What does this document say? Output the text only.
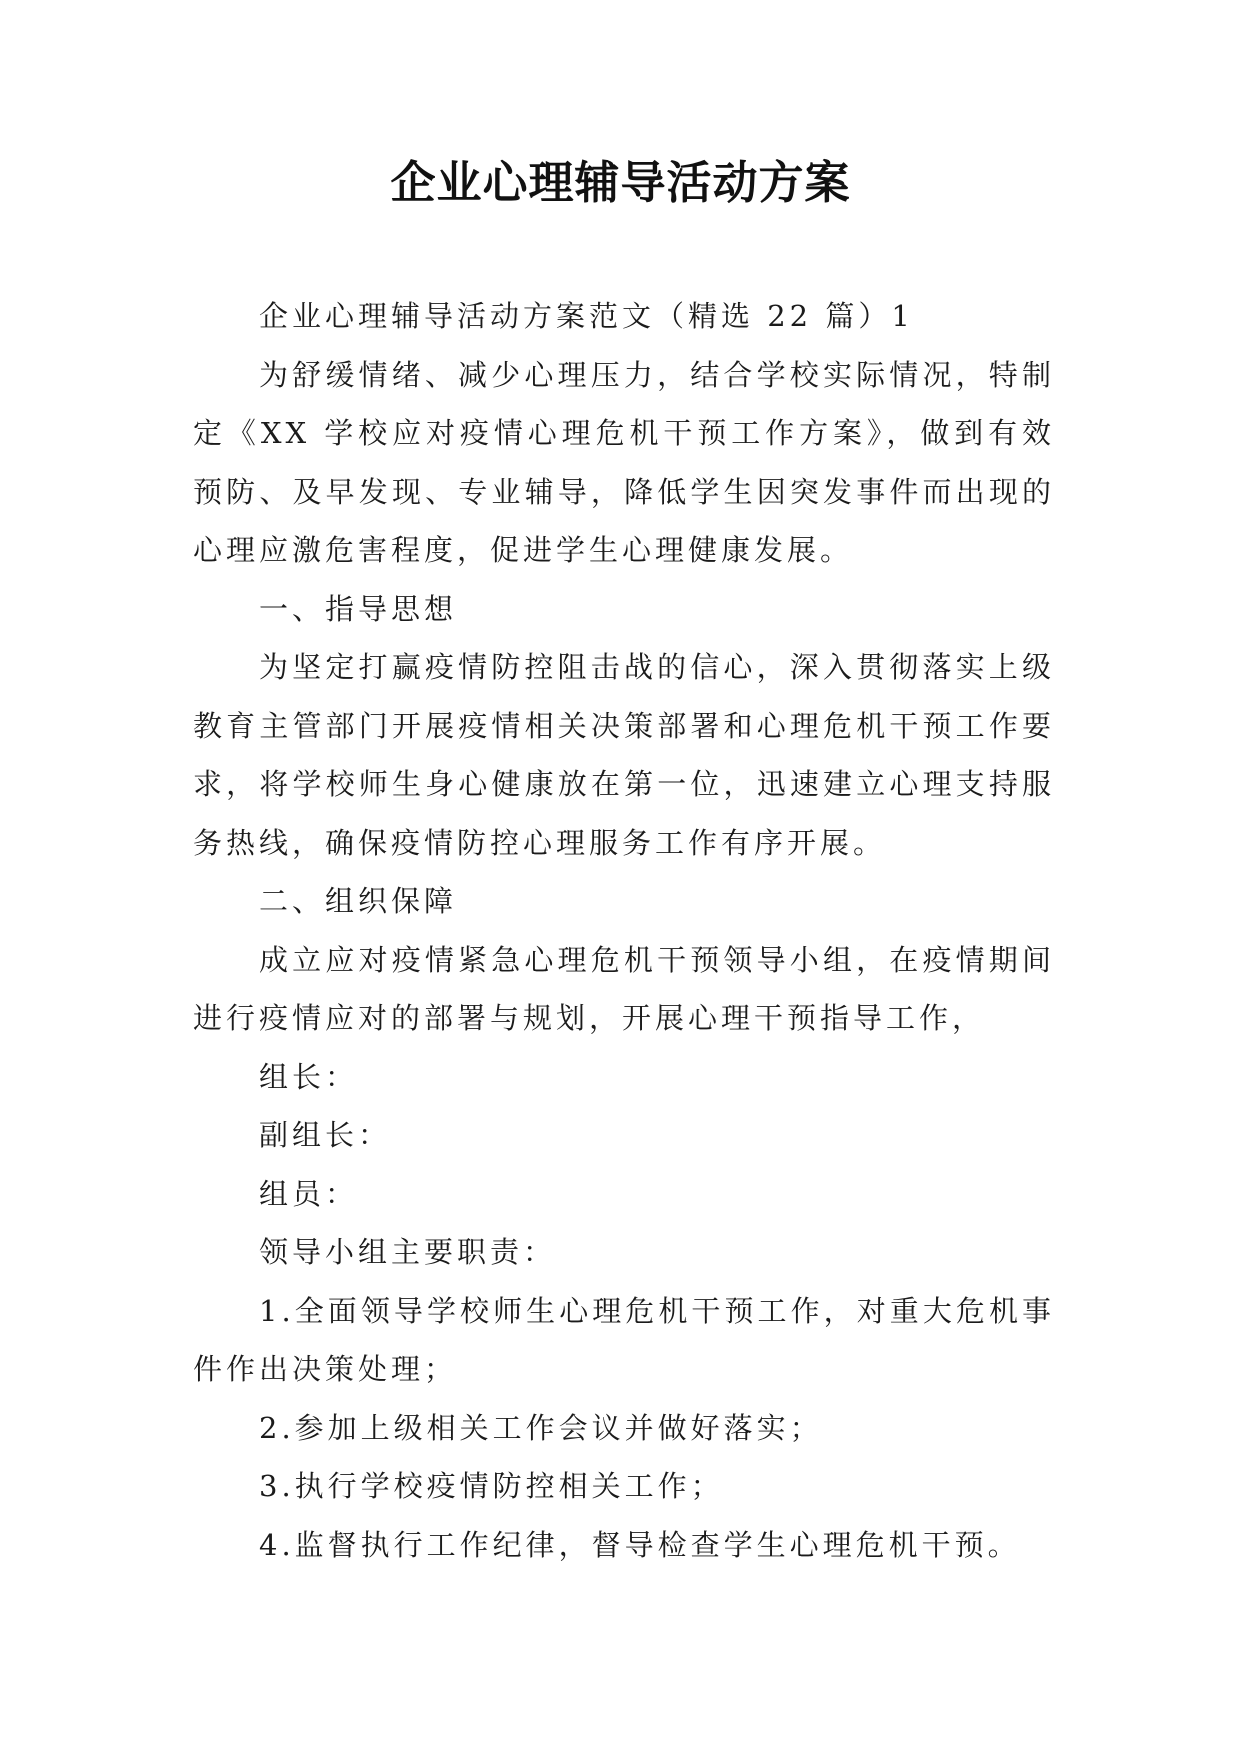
企业心理辅导活动方案

企业心理辅导活动方案范文（精选 22 篇）1

为舒缓情绪、减少心理压力，结合学校实际情况，特制定《XX 学校应对疫情心理危机干预工作方案》，做到有效预防、及早发现、专业辅导，降低学生因突发事件而出现的心理应激危害程度，促进学生心理健康发展。

一、指导思想

为坚定打赢疫情防控阻击战的信心，深入贯彻落实上级教育主管部门开展疫情相关决策部署和心理危机干预工作要求，将学校师生身心健康放在第一位，迅速建立心理支持服务热线，确保疫情防控心理服务工作有序开展。

二、组织保障

成立应对疫情紧急心理危机干预领导小组，在疫情期间进行疫情应对的部署与规划，开展心理干预指导工作，

组长：

副组长：

组员：

领导小组主要职责：

1.全面领导学校师生心理危机干预工作，对重大危机事件作出决策处理；

2.参加上级相关工作会议并做好落实；

3.执行学校疫情防控相关工作；

4.监督执行工作纪律，督导检查学生心理危机干预。
